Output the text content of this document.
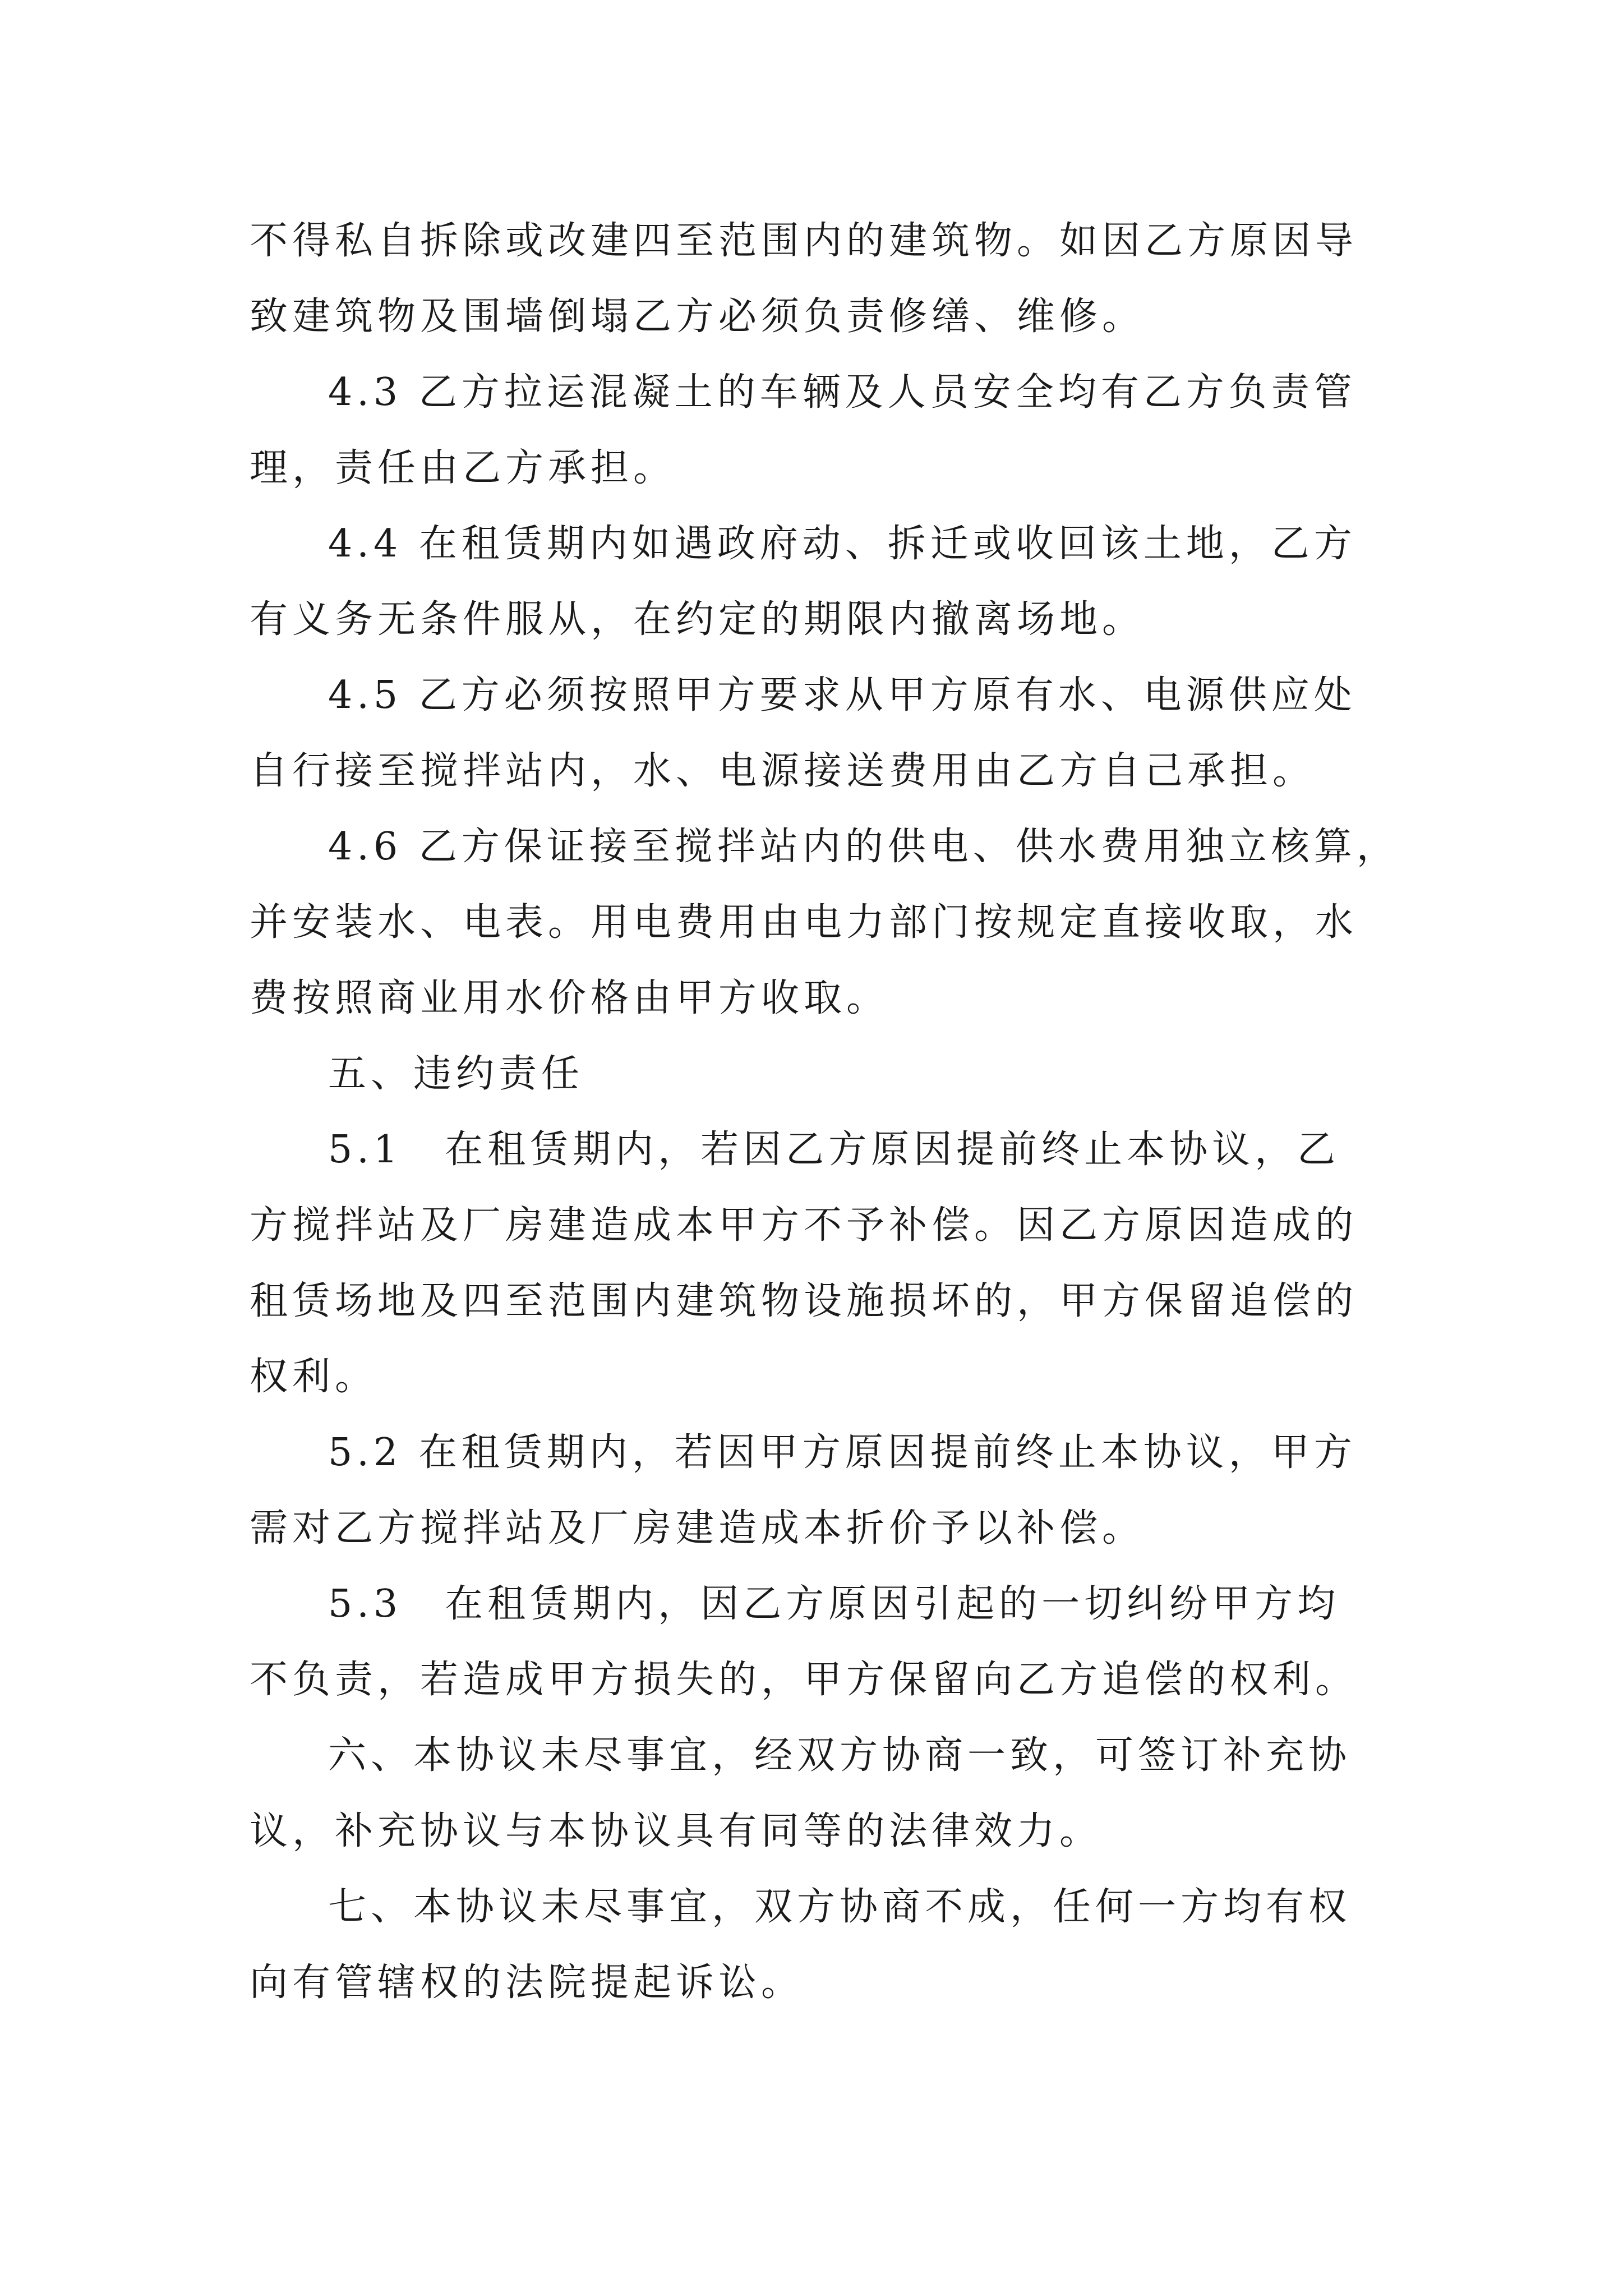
不得私自拆除或改建四至范围内的建筑物。如因乙方原因导
致建筑物及围墙倒塌乙方必须负责修缮、维修。
4.3 乙方拉运混凝土的车辆及人员安全均有乙方负责管
理，责任由乙方承担。
4.4 在租赁期内如遇政府动、拆迁或收回该土地，乙方
有义务无条件服从，在约定的期限内撤离场地。
4.5 乙方必须按照甲方要求从甲方原有水、电源供应处
自行接至搅拌站内，水、电源接送费用由乙方自己承担。
4.6 乙方保证接至搅拌站内的供电、供水费用独立核算，
并安装水、电表。用电费用由电力部门按规定直接收取，水
费按照商业用水价格由甲方收取。
五、违约责任
5.1　在租赁期内，若因乙方原因提前终止本协议，乙
方搅拌站及厂房建造成本甲方不予补偿。因乙方原因造成的
租赁场地及四至范围内建筑物设施损坏的，甲方保留追偿的
权利。
5.2 在租赁期内，若因甲方原因提前终止本协议，甲方
需对乙方搅拌站及厂房建造成本折价予以补偿。
5.3　在租赁期内，因乙方原因引起的一切纠纷甲方均
不负责，若造成甲方损失的，甲方保留向乙方追偿的权利。
六、本协议未尽事宜，经双方协商一致，可签订补充协
议，补充协议与本协议具有同等的法律效力。
七、本协议未尽事宜，双方协商不成，任何一方均有权
向有管辖权的法院提起诉讼。
